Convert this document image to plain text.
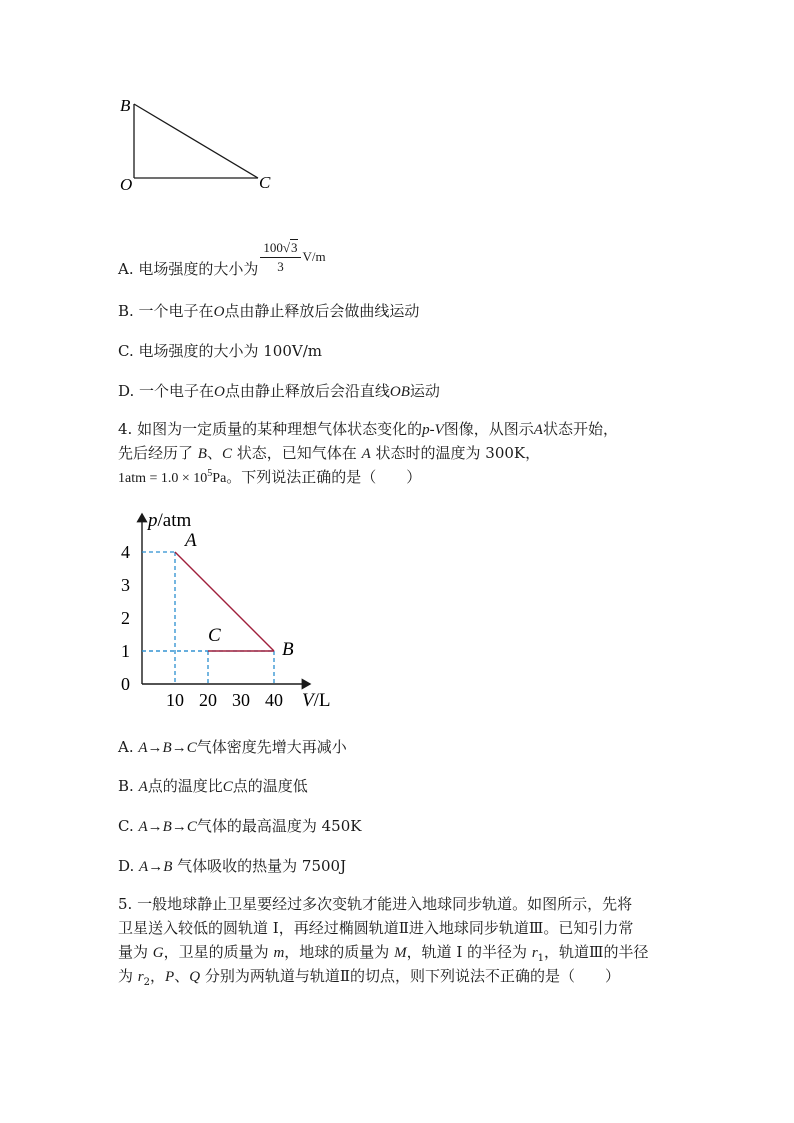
B
O	C
A. 电场强度的大小为 $\frac{100√3}{3} V/m$
B. 一个电子在O点由静止释放后会做曲线运动
C. 电场强度的大小为 100V/m
D. 一个电子在O点由静止释放后会沿直线OB运动
4. 如图为一定质量的某种理想气体状态变化的p-V图像，从图示A状态开始，
先后经历了 B、C 状态，已知气体在 A 状态时的温度为 300K，
$1atm = 1.0 \times 10^5Pa$。下列说法正确的是（　　）
p/atm
V/L
10 20 30 40
0
1
2
3
4
A
B
C
A. A→B→C气体密度先增大再减小
B. A点的温度比C点的温度低
C. A→B→C气体的最高温度为 450K
D. A→B 气体吸收的热量为 7500J
5. 一般地球静止卫星要经过多次变轨才能进入地球同步轨道。如图所示，先将
卫星送入较低的圆轨道 I，再经过椭圆轨道Ⅱ进入地球同步轨道Ⅲ。已知引力常
量为 G，卫星的质量为 m，地球的质量为 M，轨道 I 的半径为 $r_1$，轨道Ⅲ的半径
为 $r_2$，P、Q 分别为两轨道与轨道Ⅱ的切点，则下列说法不正确的是（　　）
